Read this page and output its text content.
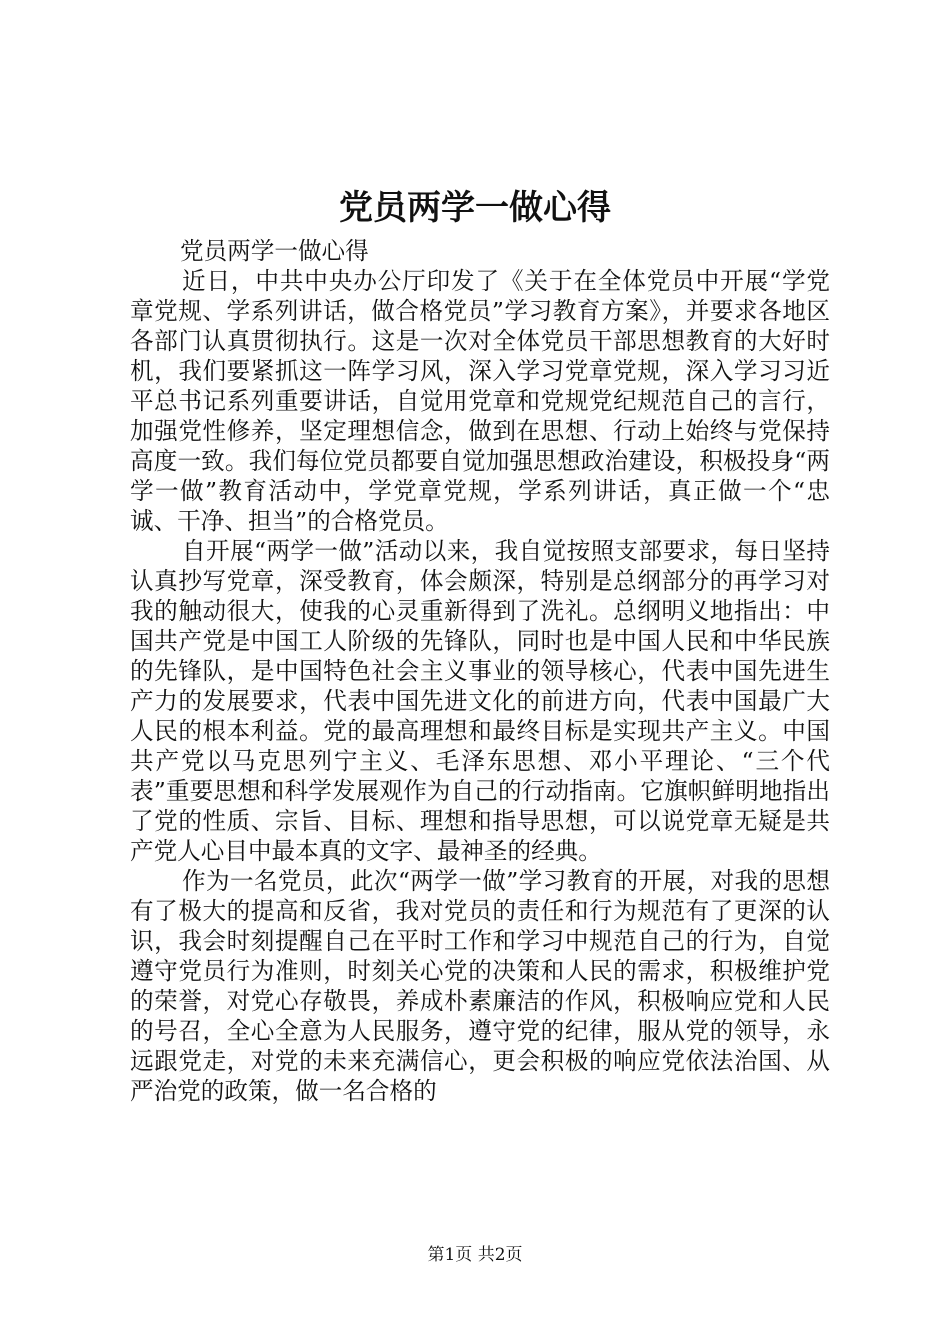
党员两学一做心得

党员两学一做心得

近日，中共中央办公厅印发了《关于在全体党员中开展“学党章党规、学系列讲话，做合格党员”学习教育方案》，并要求各地区各部门认真贯彻执行。这是一次对全体党员干部思想教育的大好时机，我们要紧抓这一阵学习风，深入学习党章党规，深入学习习近平总书记系列重要讲话，自觉用党章和党规党纪规范自己的言行，加强党性修养，坚定理想信念，做到在思想、行动上始终与党保持高度一致。我们每位党员都要自觉加强思想政治建设，积极投身“两学一做”教育活动中，学党章党规，学系列讲话，真正做一个“忠诚、干净、担当”的合格党员。

自开展“两学一做”活动以来，我自觉按照支部要求，每日坚持认真抄写党章，深受教育，体会颇深，特别是总纲部分的再学习对我的触动很大，使我的心灵重新得到了洗礼。总纲明义地指出：中国共产党是中国工人阶级的先锋队，同时也是中国人民和中华民族的先锋队，是中国特色社会主义事业的领导核心，代表中国先进生产力的发展要求，代表中国先进文化的前进方向，代表中国最广大人民的根本利益。党的最高理想和最终目标是实现共产主义。中国共产党以马克思列宁主义、毛泽东思想、邓小平理论、“三个代表”重要思想和科学发展观作为自己的行动指南。它旗帜鲜明地指出了党的性质、宗旨、目标、理想和指导思想，可以说党章无疑是共产党人心目中最本真的文字、最神圣的经典。

作为一名党员，此次“两学一做”学习教育的开展，对我的思想有了极大的提高和反省，我对党员的责任和行为规范有了更深的认识，我会时刻提醒自己在平时工作和学习中规范自己的行为，自觉遵守党员行为准则，时刻关心党的决策和人民的需求，积极维护党的荣誉，对党心存敬畏，养成朴素廉洁的作风，积极响应党和人民的号召，全心全意为人民服务，遵守党的纪律，服从党的领导，永远跟党走，对党的未来充满信心，更会积极的响应党依法治国、从严治党的政策，做一名合格的

第1页 共2页
